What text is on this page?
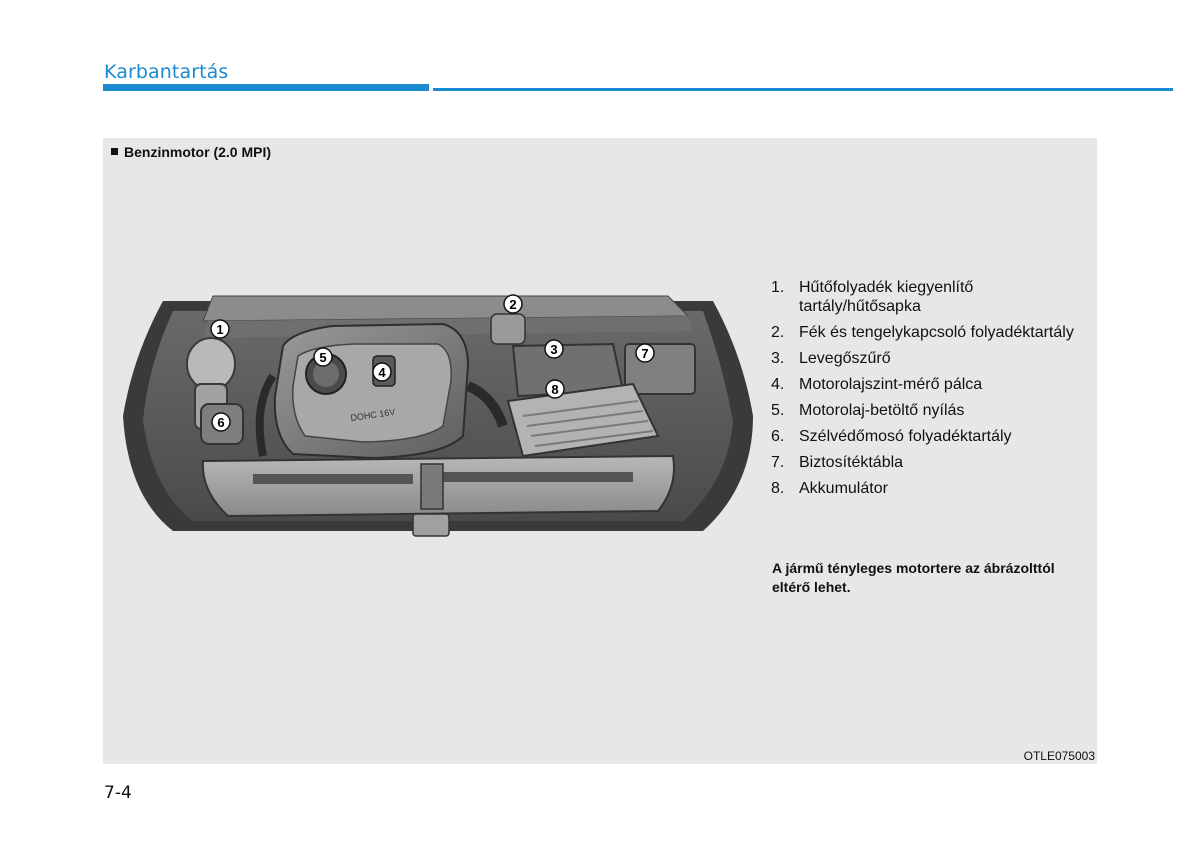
Karbantartás
Benzinmotor (2.0 MPI)
DOHC 16V
1
2
3
4
5
6
7
8
1. Hűtőfolyadék kiegyenlítő tartály/hűtősapka
2. Fék és tengelykapcsoló folyadéktartály
3. Levegőszűrő
4. Motorolajszint-mérő pálca
5. Motorolaj-betöltő nyílás
6. Szélvédőmosó folyadéktartály
7. Biztosítéktábla
8. Akkumulátor
A jármű tényleges motortere az ábrázolttól eltérő lehet.
OTLE075003
7-4
